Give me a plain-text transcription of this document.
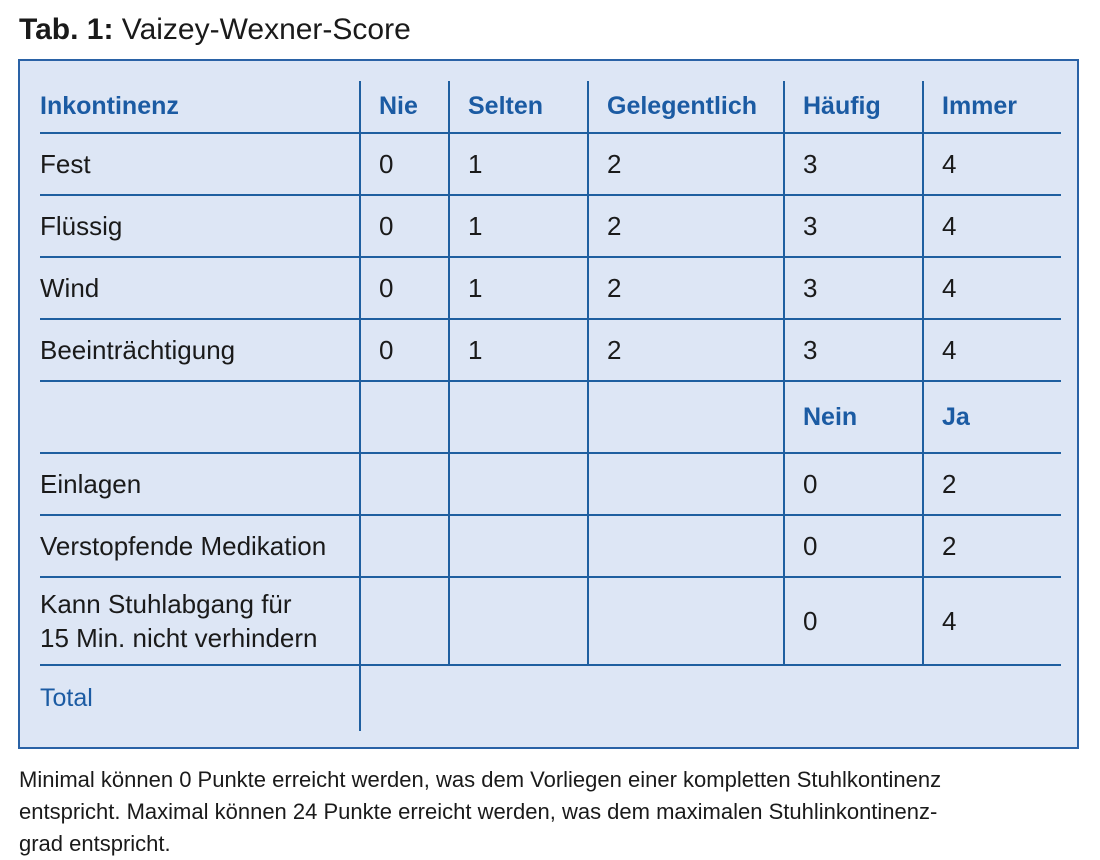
Tab. 1: Vaizey-Wexner-Score
Inkontinenz	Nie	Selten	Gelegentlich	Häufig	Immer
Fest	0	1	2	3	4
Flüssig	0	1	2	3	4
Wind	0	1	2	3	4
Beeinträchtigung	0	1	2	3	4
				Nein	Ja
Einlagen				0	2
Verstopfende Medikation				0	2

Kann Stuhlabgang für
15 Min. nicht verhindern				0	4
Total					
Minimal können 0 Punkte erreicht werden, was dem Vorliegen einer kompletten Stuhlkontinenz
entspricht. Maximal können 24 Punkte erreicht werden, was dem maximalen Stuhlinkontinenz-
grad entspricht.
